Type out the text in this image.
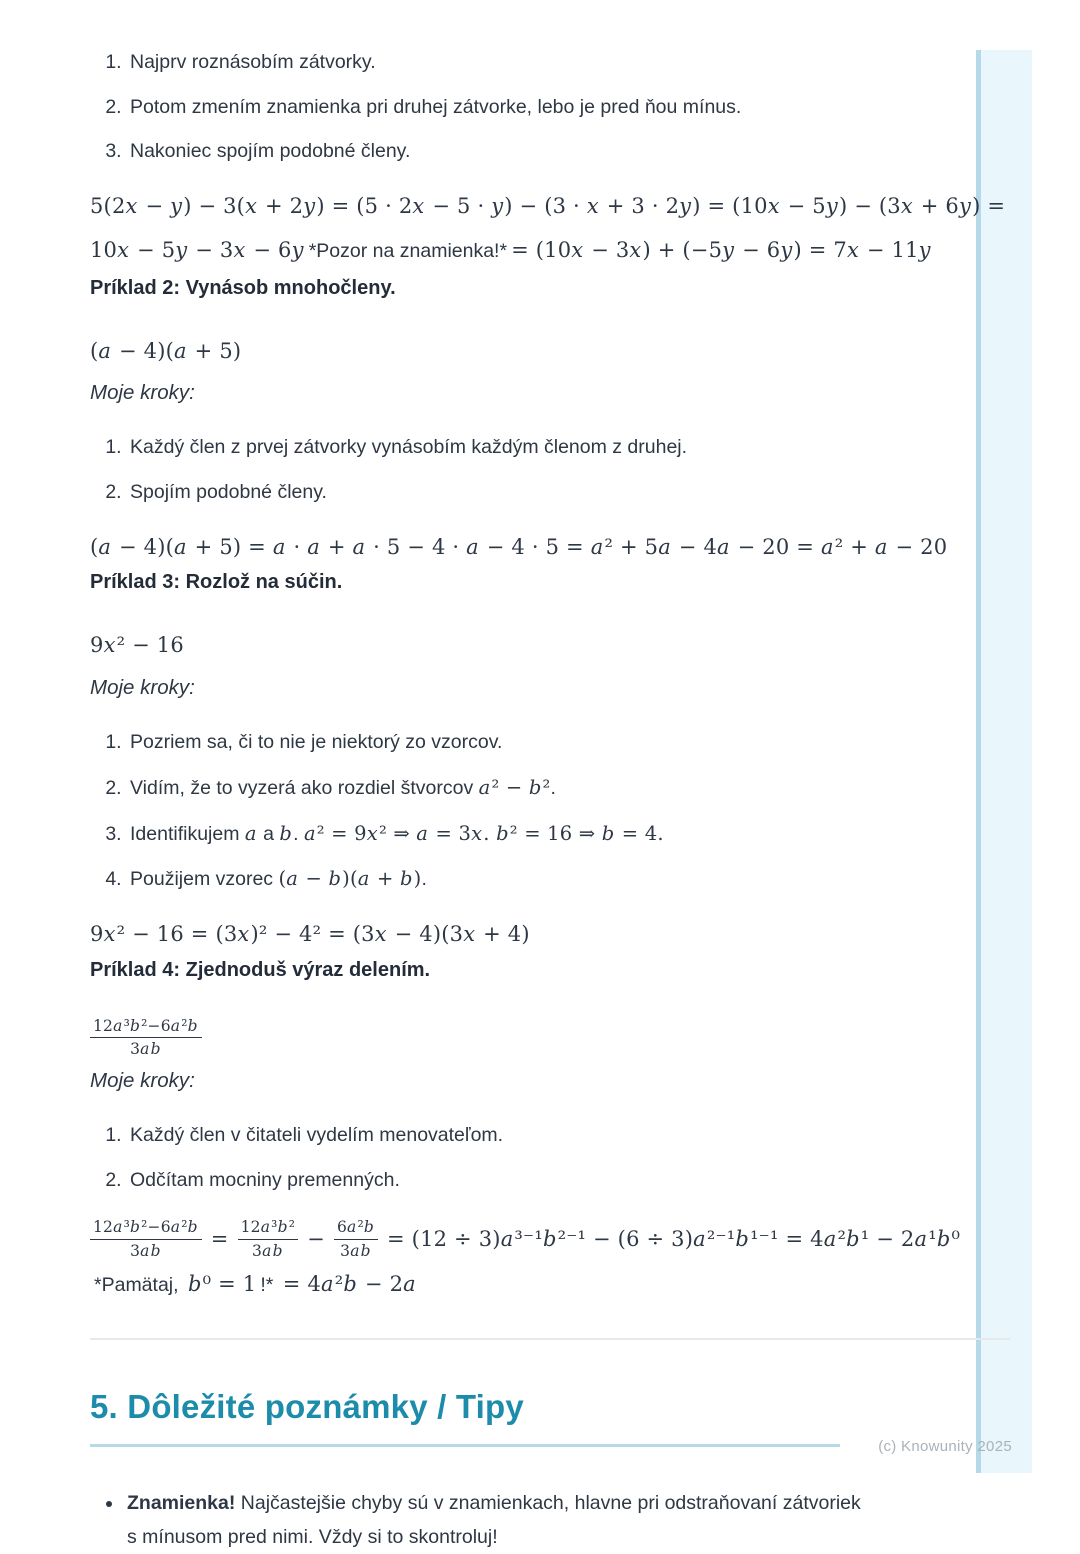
(c) Knowunity 2025
1. Najprv roznásobím zátvorky.
2. Potom zmením znamienka pri druhej zátvorke, lebo je pred ňou mínus.
3. Nakoniec spojím podobné členy.

5(2x − y) − 3(x + 2y) = (5 · 2x − 5 · y) − (3 · x + 3 · 2y) = (10x − 5y) − (3x + 6y) =

10x − 5y − 3x − 6y *Pozor na znamienka!* = (10x − 3x) + (−5y − 6y) = 7x − 11y

Príklad 2: Vynásob mnohočleny.

(a − 4)(a + 5)

Moje kroky:

1. Každý člen z prvej zátvorky vynásobím každým členom z druhej.
2. Spojím podobné členy.

(a − 4)(a + 5) = a · a + a · 5 − 4 · a − 4 · 5 = a² + 5a − 4a − 20 = a² + a − 20

Príklad 3: Rozlož na súčin.

9x² − 16

Moje kroky:

1. Pozriem sa, či to nie je niektorý zo vzorcov.
2. Vidím, že to vyzerá ako rozdiel štvorcov a² − b².
3. Identifikujem a a b. a² = 9x² ⇒ a = 3x. b² = 16 ⇒ b = 4.
4. Použijem vzorec (a − b)(a + b).

9x² − 16 = (3x)² − 4² = (3x − 4)(3x + 4)

Príklad 4: Zjednoduš výraz delením.
$\frac{\text{12a³b²−6a²b}}{3ab}$

Moje kroky:

1. Každý člen v čitateli vydelím menovateľom.
2. Odčítam mocniny premenných.
$\frac{\text{12a³b²−6a²b}}{3ab} = \frac{\text{12a³b²}}{3ab} - \frac{\text{6a²b}}{3ab} = (12 \div 3)a^{3-1}b^{2-1} - (6 \div 3)a^{2-1}b^{1-1} = 4a^2b^1 - 2a^1b^0$

*Pamätaj, b⁰ = 1 !* = 4a²b − 2a

5. Dôležité poznámky / Tipy
• Znamienka! Najčastejšie chyby sú v znamienkach, hlavne pri odstraňovaní zátvoriek s mínusom pred nimi. Vždy si to skontroluj!
